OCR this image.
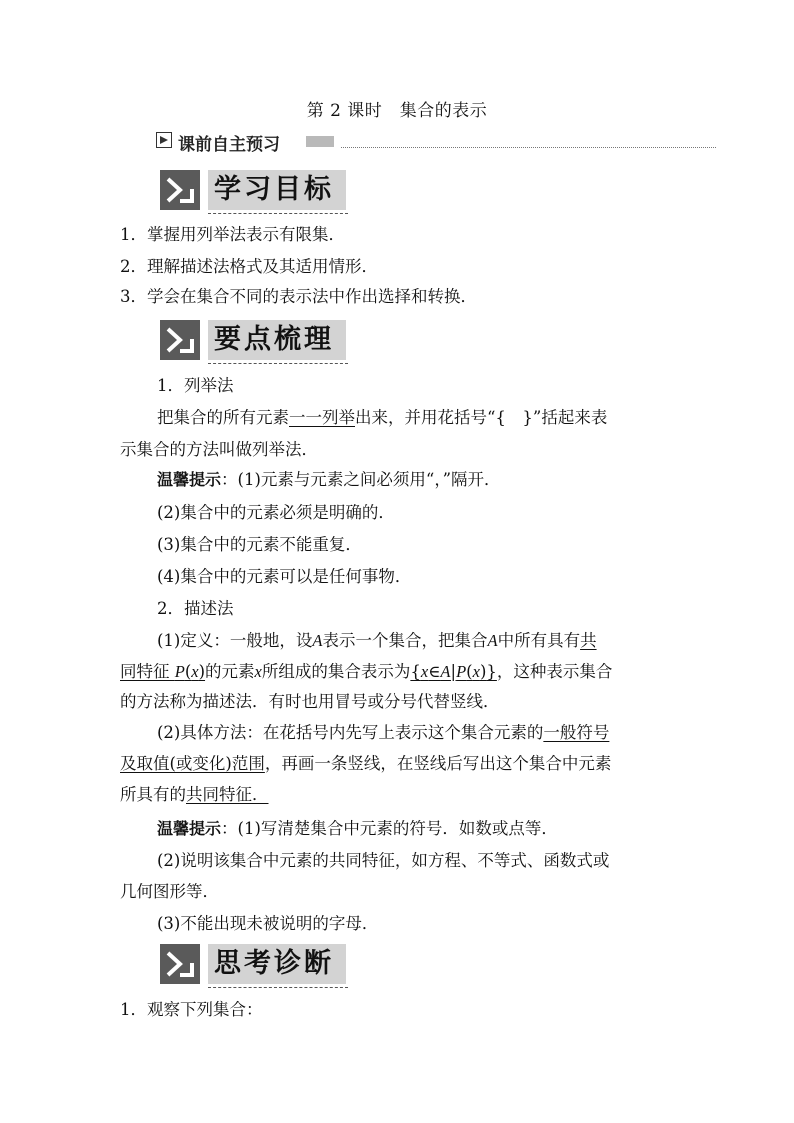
第 2 课时　集合的表示
课前自主预习
学习目标
1．掌握用列举法表示有限集．
2．理解描述法格式及其适用情形．
3．学会在集合不同的表示法中作出选择和转换．
要点梳理
1．列举法
把集合的所有元素一一列举出来，并用花括号“{　}”括起来表
示集合的方法叫做列举法．
温馨提示：(1)元素与元素之间必须用“，”隔开．
(2)集合中的元素必须是明确的．
(3)集合中的元素不能重复．
(4)集合中的元素可以是任何事物．
2．描述法
(1)定义：一般地，设A表示一个集合，把集合A中所有具有共
同特征 P(x)的元素x所组成的集合表示为{x∈A|P(x)}，这种表示集合
的方法称为描述法．有时也用冒号或分号代替竖线．
(2)具体方法：在花括号内先写上表示这个集合元素的一般符号
及取值(或变化)范围，再画一条竖线，在竖线后写出这个集合中元素
所具有的共同特征．
温馨提示：(1)写清楚集合中元素的符号．如数或点等．
(2)说明该集合中元素的共同特征，如方程、不等式、函数式或
几何图形等．
(3)不能出现未被说明的字母．
思考诊断
1．观察下列集合：
